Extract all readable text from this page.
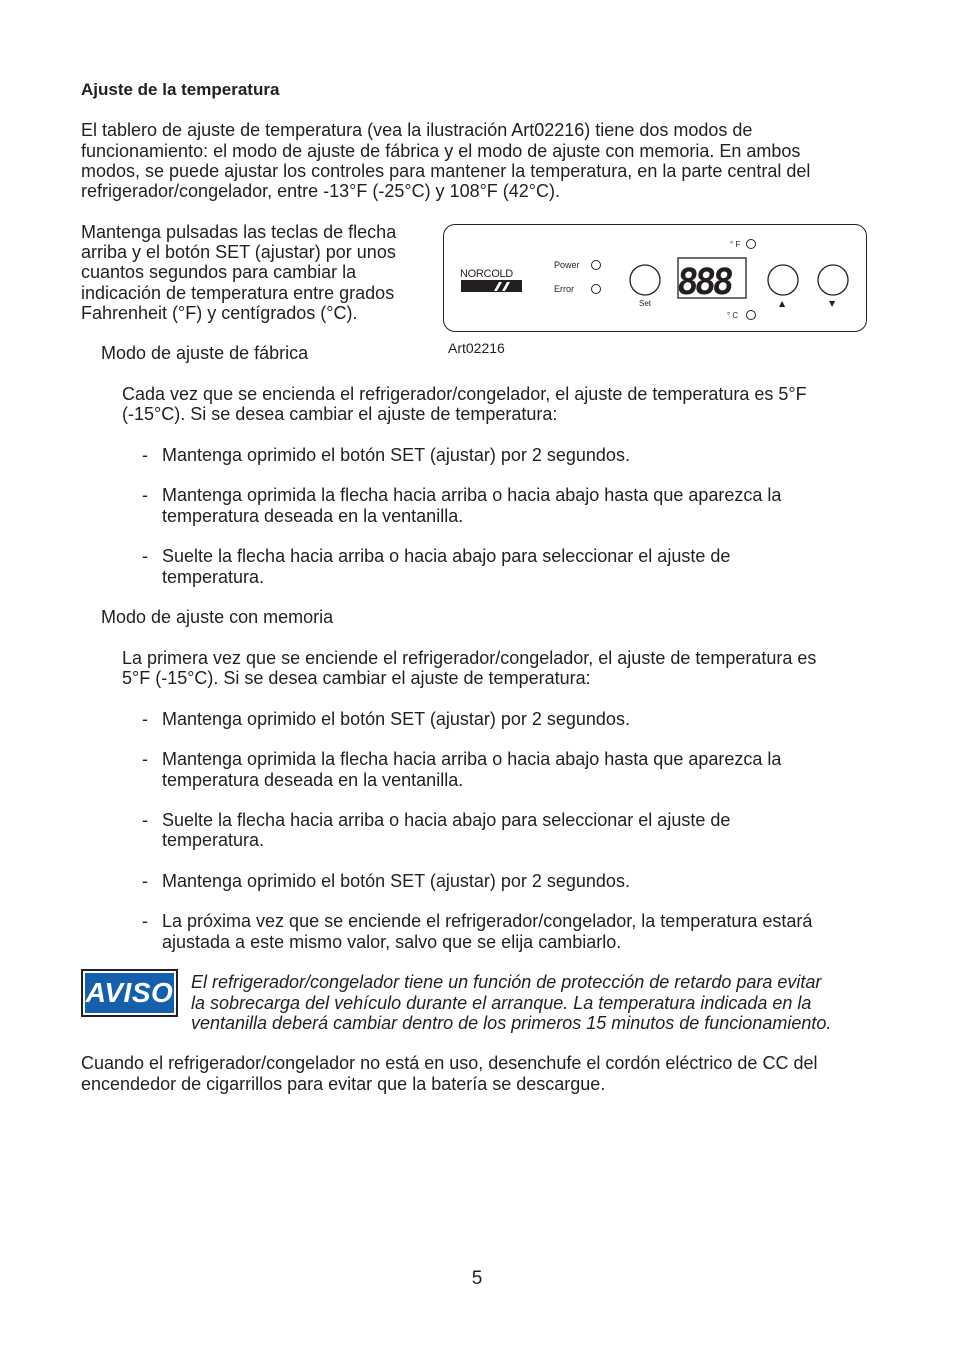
Ajuste de la temperatura
El tablero de ajuste de temperatura (vea la ilustración Art02216) tiene dos modos de
funcionamiento: el modo de ajuste de fábrica y el modo de ajuste con memoria. En ambos
modos, se puede ajustar los controles para mantener la temperatura, en la parte central del
refrigerador/congelador, entre -13°F (-25°C) y 108°F (42°C).
Mantenga pulsadas las teclas de flecha
arriba y el botón SET (ajustar) por unos
cuantos segundos para cambiar la
indicación de temperatura entre grados
Fahrenheit (°F) y centígrados (°C).
NORCOLD
Power
Error
Set
888
° F
° C
▲	▼
Art02216
Modo de ajuste de fábrica
Cada vez que se encienda el refrigerador/congelador, el ajuste de temperatura es 5°F
(-15°C). Si se desea cambiar el ajuste de temperatura:
- Mantenga oprimido el botón SET (ajustar) por 2 segundos.
- Mantenga oprimida la flecha hacia arriba o hacia abajo hasta que aparezca la
temperatura deseada en la ventanilla.
- Suelte la flecha hacia arriba o hacia abajo para seleccionar el ajuste de
temperatura.
Modo de ajuste con memoria
La primera vez que se enciende el refrigerador/congelador, el ajuste de temperatura es
5°F (-15°C). Si se desea cambiar el ajuste de temperatura:
- Mantenga oprimido el botón SET (ajustar) por 2 segundos.
- Mantenga oprimida la flecha hacia arriba o hacia abajo hasta que aparezca la
temperatura deseada en la ventanilla.
- Suelte la flecha hacia arriba o hacia abajo para seleccionar el ajuste de
temperatura.
- Mantenga oprimido el botón SET (ajustar) por 2 segundos.
- La próxima vez que se enciende el refrigerador/congelador, la temperatura estará
ajustada a este mismo valor, salvo que se elija cambiarlo.
AVISO El refrigerador/congelador tiene un función de protección de retardo para evitar
la sobrecarga del vehículo durante el arranque. La temperatura indicada en la
ventanilla deberá cambiar dentro de los primeros 15 minutos de funcionamiento.
Cuando el refrigerador/congelador no está en uso, desenchufe el cordón eléctrico de CC del
encendedor de cigarrillos para evitar que la batería se descargue.
5
